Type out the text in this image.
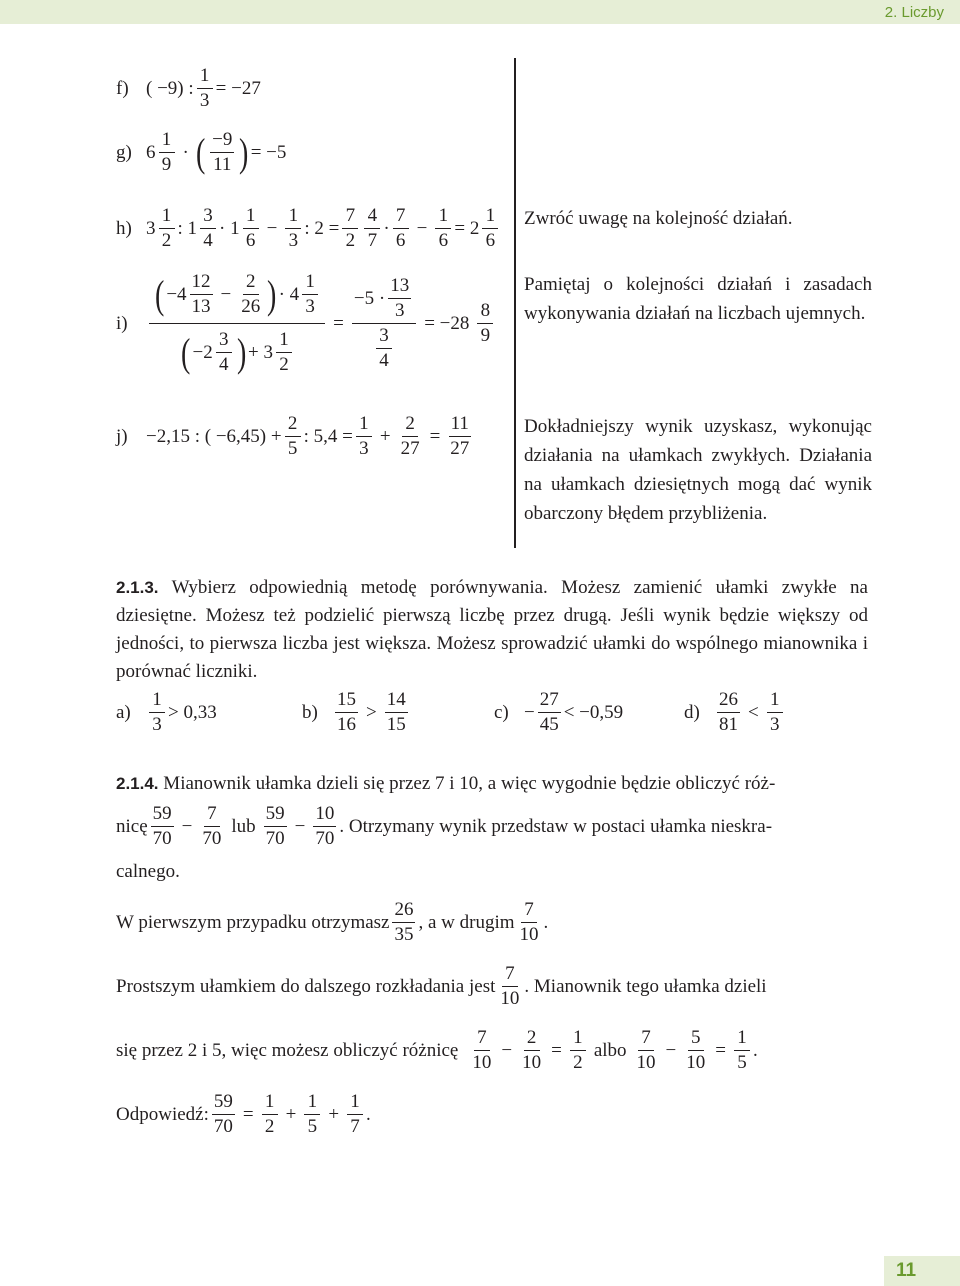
2. Liczby
f) ( −9) : $\frac{1}{3} = -27$
g) $6 \frac{1}{9}$ · ( $\frac{-9}{11}$ ) = −5
h) $3 \frac{1}{2}$ : $1 \frac{3}{4} \cdot 1 \frac{1}{6} - \frac{1}{3}$ : $2 = \frac{7}{2} \frac{4}{7} \cdot \frac{7}{6} - \frac{1}{6} = 2 \frac{1}{6}$
i)
( $-4 \frac{12}{13} - \frac{2}{26}$ ) · $4 \frac{1}{3}$
( $-2 \frac{3}{4}$ ) + $3 \frac{1}{2}$
= $\frac{-5 \cdot \frac{13}{3}}{\frac{3}{4}} = -28 \frac{8}{9}$
j) −2,15 : ( $-6,45) + \frac{2}{5}$ : $5,4 = \frac{1}{3} + \frac{2}{27} = \frac{11}{27}$
Zwróć uwagę na kolejność działań.
Pamiętaj o kolejności działań i zasadach wykonywania działań na liczbach ujemnych.
Dokładniejszy wynik uzyskasz, wykonując działania na ułamkach zwykłych. Działania na ułamkach dziesiętnych mogą dać wynik obarczony błędem przybliżenia.
2.1.3. Wybierz odpowiednią metodę porównywania. Możesz zamienić ułamki zwykłe na dziesiętne. Możesz też podzielić pierwszą liczbę przez drugą. Jeśli wynik będzie większy od jedności, to pierwsza liczba jest większa. Możesz sprowadzić ułamki do wspólnego mianownika i porównać liczniki.
$a) \frac{1}{3} > 0,33$	$b) \frac{15}{16} > \frac{14}{15}$	$c) - \frac{27}{45} < -0,59$	$d) \frac{26}{81} < \frac{1}{3}$
2.1.4. Mianownik ułamka dzieli się przez 7 i 10, a więc wygodnie będzie obliczyć róż-
nicę $\frac{59}{70} - \frac{7}{70}$ lub $\frac{59}{70} - \frac{10}{70}$ . Otrzymany wynik przedstaw w postaci ułamka nieskra-
calnego.
W pierwszym przypadku otrzymasz $\frac{26}{35}$ , a w drugim $\frac{7}{10}$ .
Prostszym ułamkiem do dalszego rozkładania jest $\frac{7}{10}$ . Mianownik tego ułamka dzieli
się przez 2 i 5, więc możesz obliczyć różnicę $\frac{7}{10} - \frac{2}{10} = \frac{1}{2}$ albo $\frac{7}{10} - \frac{5}{10} = \frac{1}{5}$ .
Odpowiedź: $\frac{59}{70} = \frac{1}{2} + \frac{1}{5} + \frac{1}{7}$ .
11
